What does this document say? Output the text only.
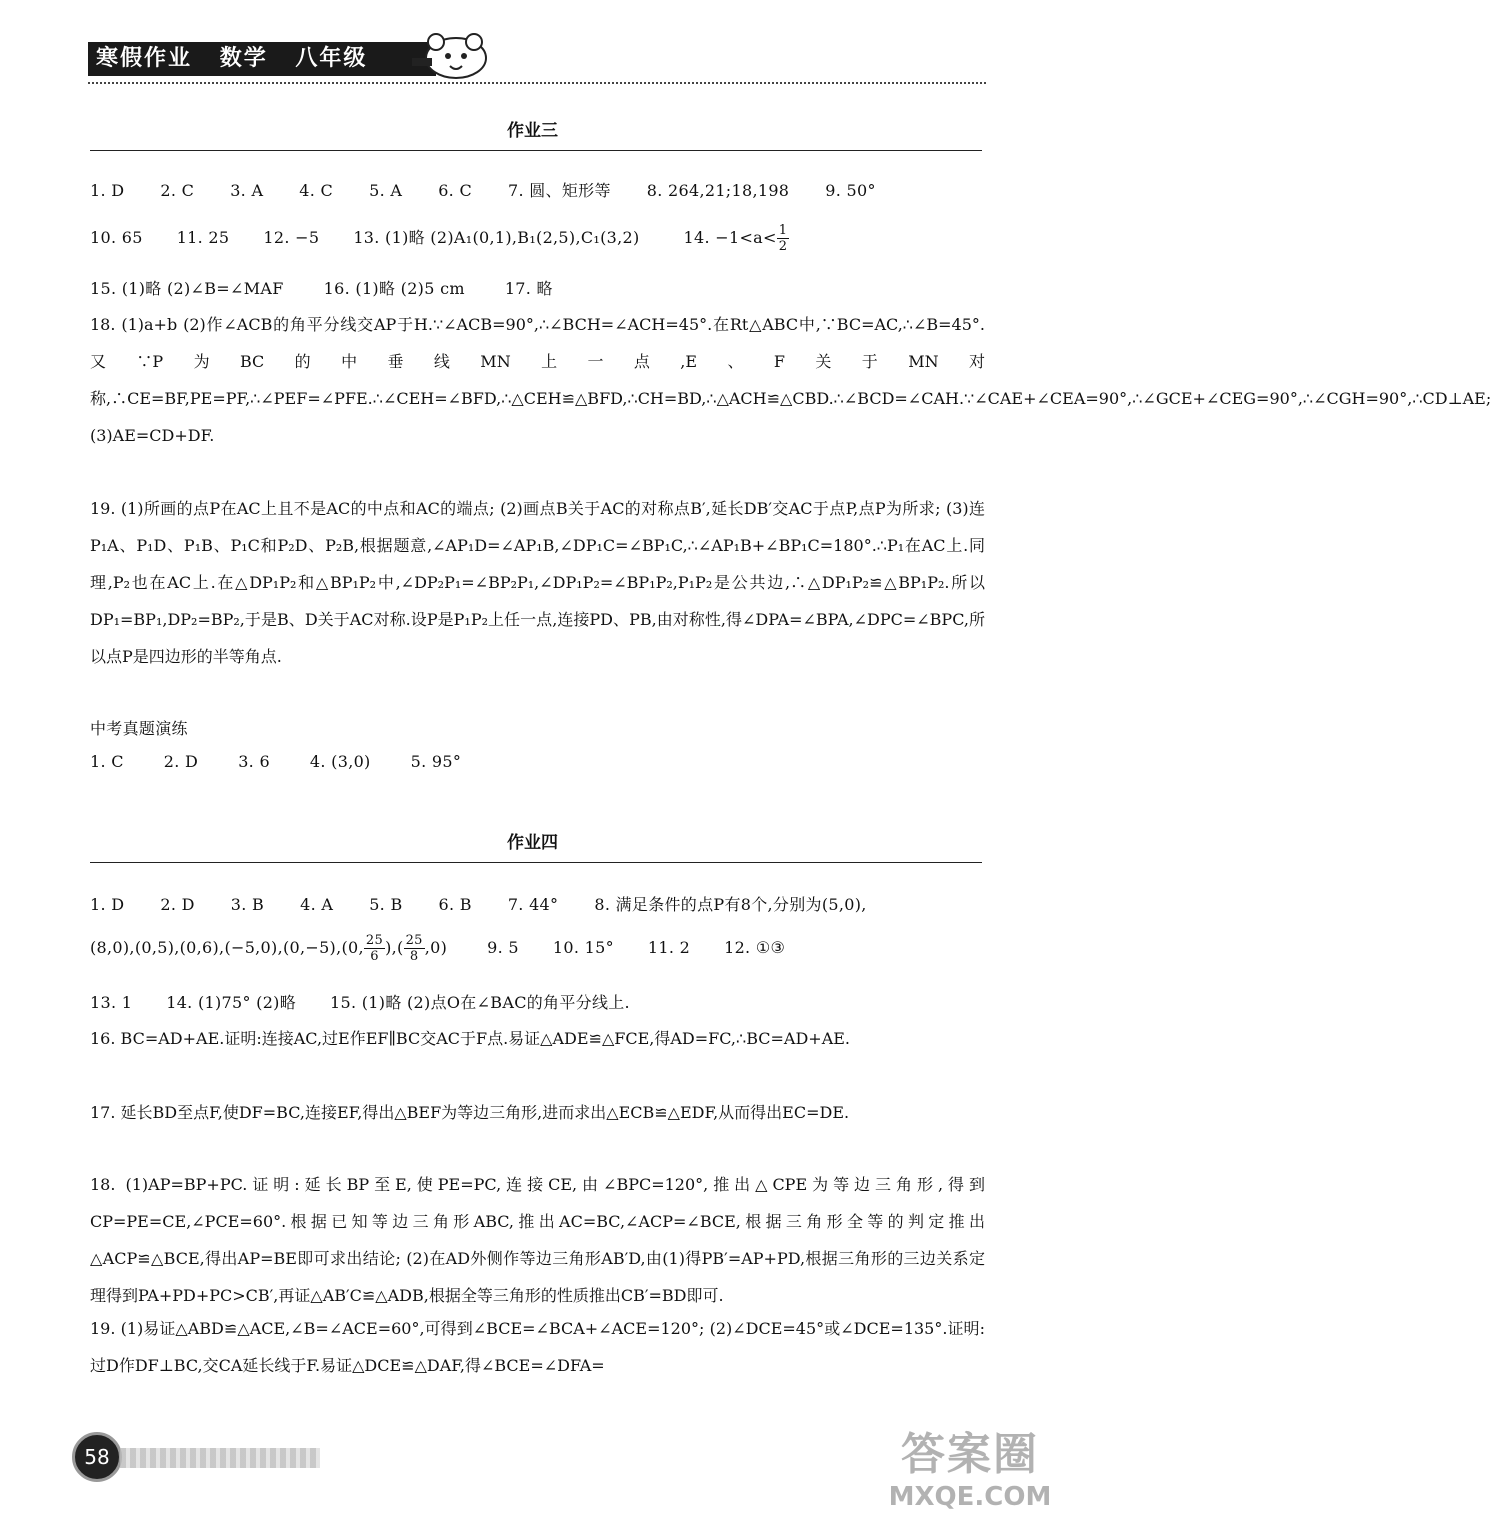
寒假作业 数学 八年级
作业三
1. D 2. C 3. A 4. C 5. A 6. C 7. 圆、矩形等 8. 264,21;18,198 9. 50°
10. 65 11. 25 12. −5 13. (1)略 (2)A₁(0,1),B₁(2,5),C₁(3,2)	14. $-1<a< \frac{1}{2}$
15. (1)略 (2)∠B=∠MAF	16. (1)略 (2)5 cm	17. 略
18. (1)a+b (2)作∠ACB的角平分线交AP于H.∵∠ACB=90°,∴∠BCH=∠ACH=45°.在Rt△ABC中,∵BC=AC,∴∠B=45°.又∵P为BC的中垂线MN上一点,E、F关于MN对称,∴CE=BF,PE=PF,∴∠PEF=∠PFE.∴∠CEH=∠BFD,∴△CEH≌△BFD,∴CH=BD,∴△ACH≌△CBD.∴∠BCD=∠CAH.∵∠CAE+∠CEA=90°,∴∠GCE+∠CEG=90°,∴∠CGH=90°,∴CD⊥AE; (3)AE=CD+DF.
19. (1)所画的点P在AC上且不是AC的中点和AC的端点; (2)画点B关于AC的对称点B′,延长DB′交AC于点P,点P为所求; (3)连P₁A、P₁D、P₁B、P₁C和P₂D、P₂B,根据题意,∠AP₁D=∠AP₁B,∠DP₁C=∠BP₁C,∴∠AP₁B+∠BP₁C=180°.∴P₁在AC上.同理,P₂也在AC上.在△DP₁P₂和△BP₁P₂中,∠DP₂P₁=∠BP₂P₁,∠DP₁P₂=∠BP₁P₂,P₁P₂是公共边,∴△DP₁P₂≌△BP₁P₂.所以DP₁=BP₁,DP₂=BP₂,于是B、D关于AC对称.设P是P₁P₂上任一点,连接PD、PB,由对称性,得∠DPA=∠BPA,∠DPC=∠BPC,所以点P是四边形的半等角点.
中考真题演练
1. C	2. D	3. 6	4. (3,0)	5. 95°
作业四
1. D 2. D 3. B 4. A 5. B 6. B 7. 44° 8. 满足条件的点P有8个,分别为(5,0),
(8,0),(0,5),(0,6),(−5,0),(0,−5),(0, $\frac{25}{6}$ ),( $\frac{25}{8} ,0$)	9. 5 10. 15° 11. 2 12. ①③
13. 1 14. (1)75° (2)略 15. (1)略 (2)点O在∠BAC的角平分线上.
16. BC=AD+AE.证明:连接AC,过E作EF∥BC交AC于F点.易证△ADE≌△FCE,得AD=FC,∴BC=AD+AE.
17. 延长BD至点F,使DF=BC,连接EF,得出△BEF为等边三角形,进而求出△ECB≌△EDF,从而得出EC=DE.
18. (1)AP=BP+PC.证明:延长BP至E,使PE=PC,连接CE,由∠BPC=120°,推出△CPE为等边三角形,得到CP=PE=CE,∠PCE=60°.根据已知等边三角形ABC,推出AC=BC,∠ACP=∠BCE,根据三角形全等的判定推出△ACP≌△BCE,得出AP=BE即可求出结论; (2)在AD外侧作等边三角形AB′D,由(1)得PB′=AP+PD,根据三角形的三边关系定理得到PA+PD+PC>CB′,再证△AB′C≌△ADB,根据全等三角形的性质推出CB′=BD即可.
19. (1)易证△ABD≌△ACE,∠B=∠ACE=60°,可得到∠BCE=∠BCA+∠ACE=120°; (2)∠DCE=45°或∠DCE=135°.证明:过D作DF⊥BC,交CA延长线于F.易证△DCE≌△DAF,得∠BCE=∠DFA=
58	答案圈
MXQE.COM
